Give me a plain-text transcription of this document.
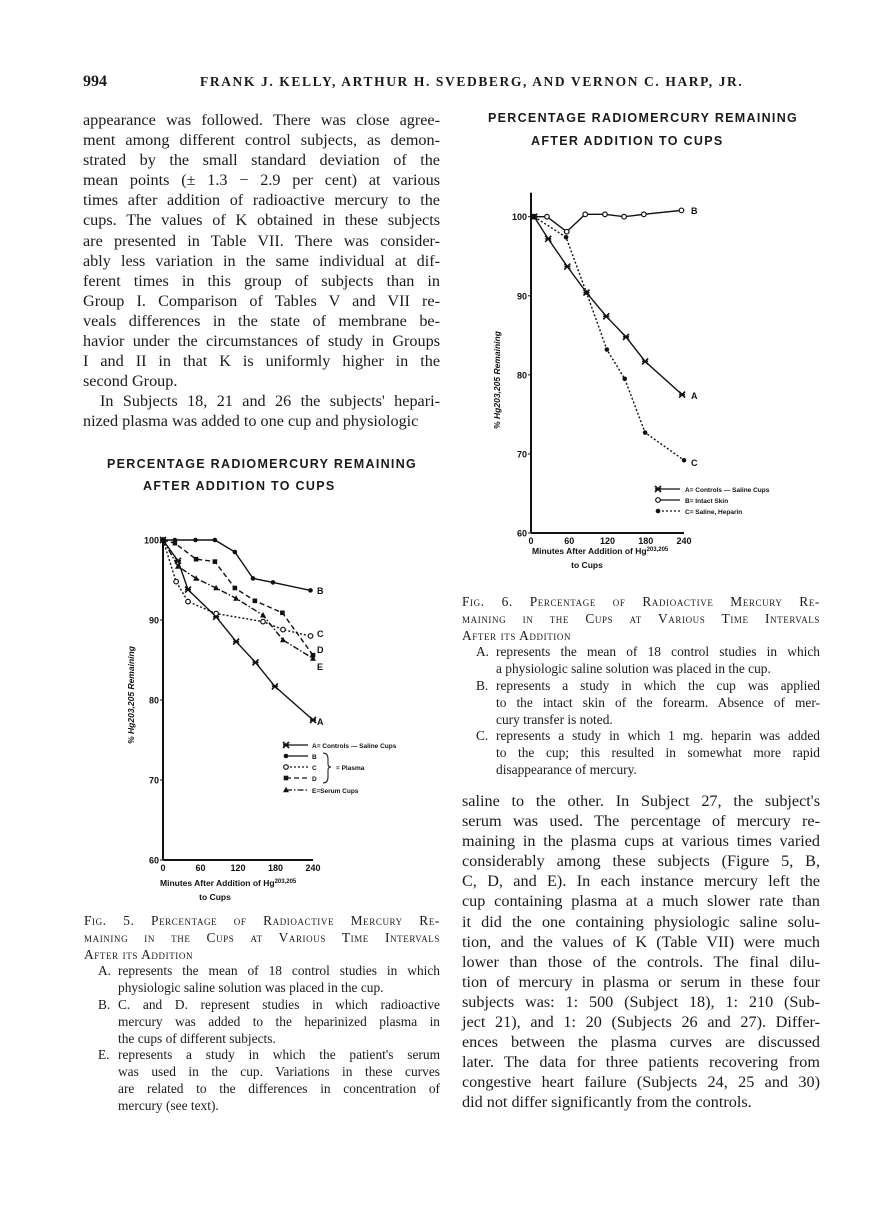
994	FRANK J. KELLY, ARTHUR H. SVEDBERG, AND VERNON C. HARP, JR.
appearance was followed. There was close agree-
ment among different control subjects, as demon-
strated by the small standard deviation of the
mean points (± 1.3 − 2.9 per cent) at various
times after addition of radioactive mercury to the
cups. The values of K obtained in these subjects
are presented in Table VII. There was consider-
ably less variation in the same individual at dif-
ferent times in this group of subjects than in
Group I. Comparison of Tables V and VII re-
veals differences in the state of membrane be-
havior under the circumstances of study in Groups
I and II in that K is uniformly higher in the
second Group.
In Subjects 18, 21 and 26 the subjects' hepari-
nized plasma was added to one cup and physiologic
saline to the other. In Subject 27, the subject's
serum was used. The percentage of mercury re-
maining in the plasma cups at various times varied
considerably among these subjects (Figure 5, B,
C, D, and E). In each instance mercury left the
cup containing plasma at a much slower rate than
it did the one containing physiologic saline solu-
tion, and the values of K (Table VII) were much
lower than those of the controls. The final dilu-
tion of mercury in plasma or serum in these four
subjects was: 1: 500 (Subject 18), 1: 210 (Sub-
ject 21), and 1: 20 (Subjects 26 and 27). Differ-
ences between the plasma curves are discussed
later. The data for three patients recovering from
congestive heart failure (Subjects 24, 25 and 30)
did not differ significantly from the controls.
PERCENTAGE RADIOMERCURY REMAINING
AFTER ADDITION TO CUPS
60
70
80
90
100
0	60	120 180 240
Minutes After Addition of Hg$^{203,205}$
to Cups
% Hg203,205 Remaining	A
B
C
D
E
A= Controls — Saline Cups
B
C
D
= Plasma
E=Serum Cups
Fig. 5. Percentage of Radioactive Mercury Re-
maining in the Cups at Various Time Intervals
After its Addition
A. represents the mean of 18 control studies in which
physiologic saline solution was placed in the cup.
B. C. and D. represent studies in which radioactive
mercury was added to the heparinized plasma in
the cups of different subjects.
E. represents a study in which the patient's serum
was used in the cup. Variations in these curves
are related to the differences in concentration of
mercury (see text).
PERCENTAGE RADIOMERCURY REMAINING
AFTER ADDITION TO CUPS
60
70
80
90
100
0	60	120	180	240
Minutes After Addition of Hg$^{203,205}$
to Cups
% Hg203,205 Remaining	A
B
C
A= Controls — Saline Cups
B= Intact Skin
C= Saline, Heparin
Fig. 6. Percentage of Radioactive Mercury Re-
maining in the Cups at Various Time Intervals
After its Addition
A. represents the mean of 18 control studies in which
a physiologic saline solution was placed in the cup.
B. represents a study in which the cup was applied
to the intact skin of the forearm. Absence of mer-
cury transfer is noted.
C. represents a study in which 1 mg. heparin was added
to the cup; this resulted in somewhat more rapid
disappearance of mercury.
